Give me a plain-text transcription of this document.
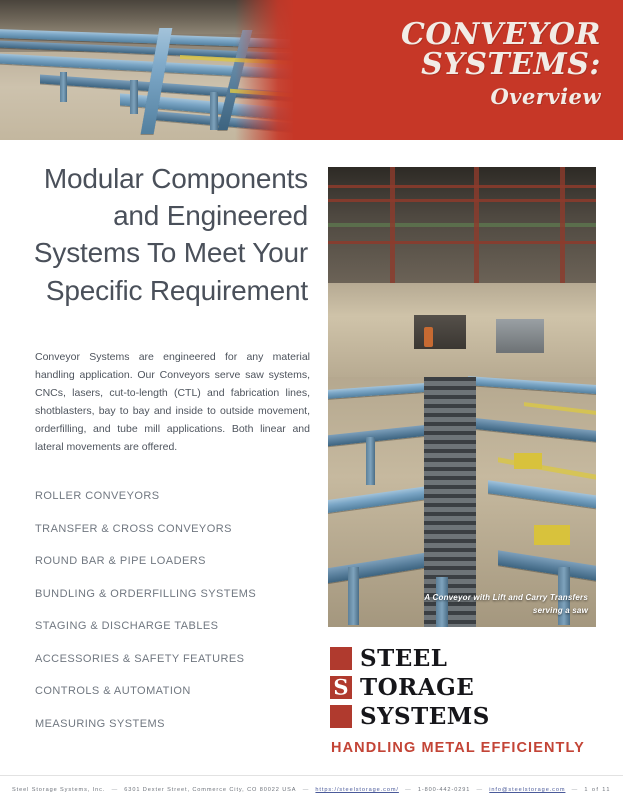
CONVEYOR
SYSTEMS:
Overview
Modular Components and Engineered Systems To Meet Your Specific Requirement
Conveyor Systems are engineered for any material handling application. Our Conveyors serve saw systems, CNCs, lasers, cut-to-length (CTL) and fabrication lines, shotblasters, bay to bay and inside to outside movement, orderfilling, and tube mill applications. Both linear and lateral movements are offered.
ROLLER CONVEYORS
TRANSFER & CROSS CONVEYORS
ROUND BAR & PIPE LOADERS
BUNDLING & ORDERFILLING SYSTEMS
STAGING & DISCHARGE TABLES
ACCESSORIES & SAFETY FEATURES
CONTROLS & AUTOMATION
MEASURING SYSTEMS
A Conveyor with Lift and Carry Transfers
serving a saw
STEEL
S TORAGE
SYSTEMS
HANDLING METAL EFFICIENTLY
Steel Storage Systems, Inc.	—	6301 Dexter Street, Commerce City, CO 80022 USA	—	https://steelstorage.com/	—	1-800-442-0291	—	info@steelstorage.com	—	1 of 11
